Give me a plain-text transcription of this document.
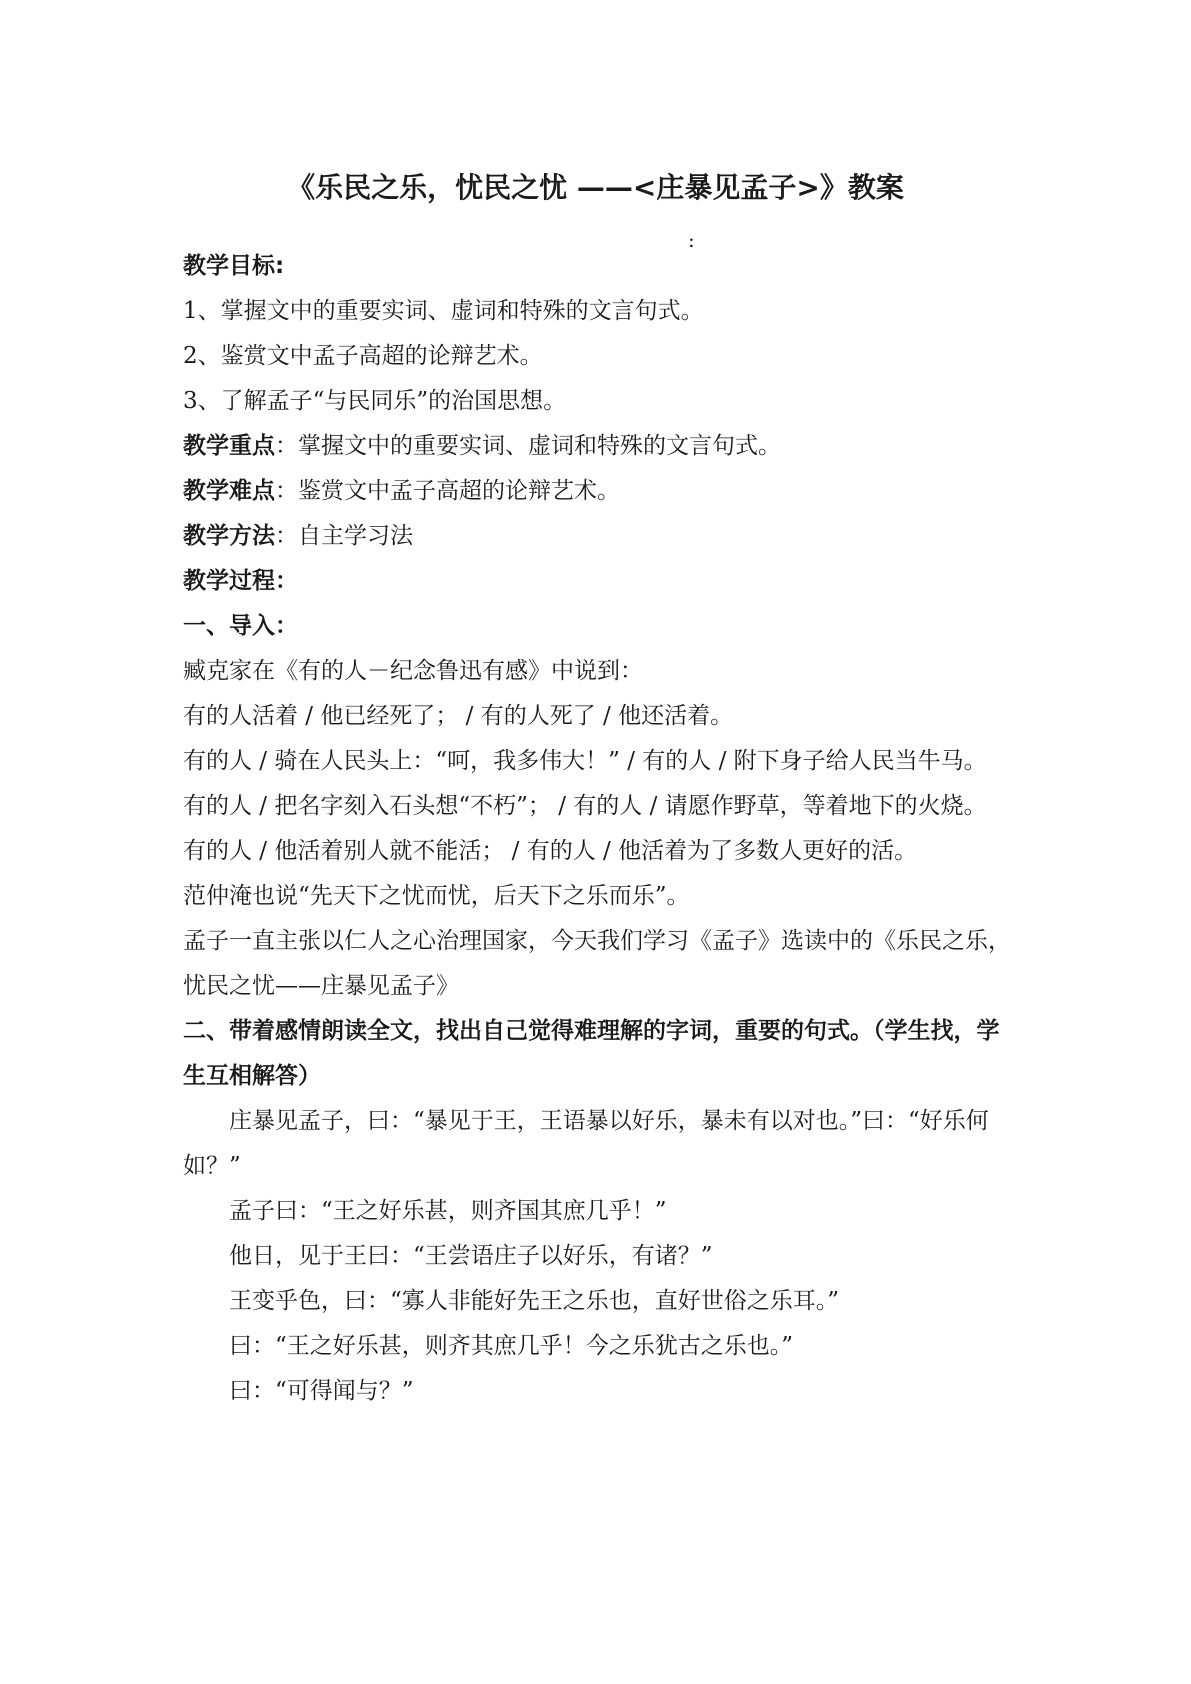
《乐民之乐，忧民之忧 ——<庄暴见孟子>》教案
:

教学目标:

1、掌握文中的重要实词、虚词和特殊的文言句式。

2、鉴赏文中孟子高超的论辩艺术。

3、了解孟子“与民同乐”的治国思想。

教学重点：掌握文中的重要实词、虚词和特殊的文言句式。

教学难点：鉴赏文中孟子高超的论辩艺术。

教学方法：自主学习法

教学过程：

一、导入：

臧克家在《有的人－纪念鲁迅有感》中说到：

有的人活着 / 他已经死了； / 有的人死了 / 他还活着。

有的人 / 骑在人民头上：“呵，我多伟大！” / 有的人 / 附下身子给人民当牛马。

有的人 / 把名字刻入石头想“不朽”； / 有的人 / 请愿作野草，等着地下的火烧。

有的人 / 他活着别人就不能活； / 有的人 / 他活着为了多数人更好的活。

范仲淹也说“先天下之忧而忧，后天下之乐而乐”。

孟子一直主张以仁人之心治理国家，今天我们学习《孟子》选读中的《乐民之乐，忧民之忧——庄暴见孟子》

二、带着感情朗读全文，找出自己觉得难理解的字词，重要的句式。（学生找，学生互相解答）

庄暴见孟子，曰：“暴见于王，王语暴以好乐，暴未有以对也。”曰：“好乐何如？”

孟子曰：“王之好乐甚，则齐国其庶几乎！”

他日，见于王曰：“王尝语庄子以好乐，有诸？”

王变乎色，曰：“寡人非能好先王之乐也，直好世俗之乐耳。”

曰：“王之好乐甚，则齐其庶几乎！今之乐犹古之乐也。”

曰：“可得闻与？”
